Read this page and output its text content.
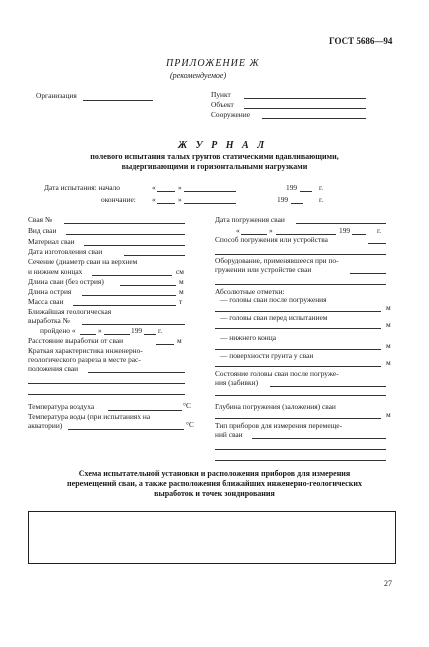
ГОСТ 5686—94
ПРИЛОЖЕНИЕ Ж
(рекомендуемое)
Организация	Пункт
Объект
Сооружение
Ж У Р Н А Л
полевого испытания талых грунтов статическими вдавливающими,
выдергивающими и горизонтальными нагрузками
Дата испытания: начало	«	»	199	г.
окончание: «	»	199	г.
Свая №
Вид сваи
Материал сваи
Дата изготовления сваи
Сечение (диаметр сваи на верхнем
и нижнем концах	см
Длина сваи (без острия)	м
Длина острия	м
Масса сваи	т
Ближайшая геологическая
выработка №
пройдено «	»	199 г.
Расстояние выработки от сваи	м
Краткая характеристика инженерно-
геологического разреза в месте рас-
положения сваи
Температура воздуха	°С
Температура воды (при испытаниях на
акватории)	°С
Дата погружения сваи
«	»	199	г.
Способ погружения или устройства
Оборудование, применявшееся при по-
гружении или устройстве сваи
Абсолютные отметки:
— головы сваи после погружения
м
— головы сваи перед испытанием
м
— нижнего конца
м
— поверхности грунта у сваи
м
Состояние головы сваи после погруже-
ния (забивки)
Глубина погружения (заложения) сваи
м
Тип приборов для измерения перемеще-
ний сваи
Схема испытательной установки и расположения приборов для измерения
перемещений сваи, а также расположения ближайших инженерно-геологических
выработок и точек зондирования
27
